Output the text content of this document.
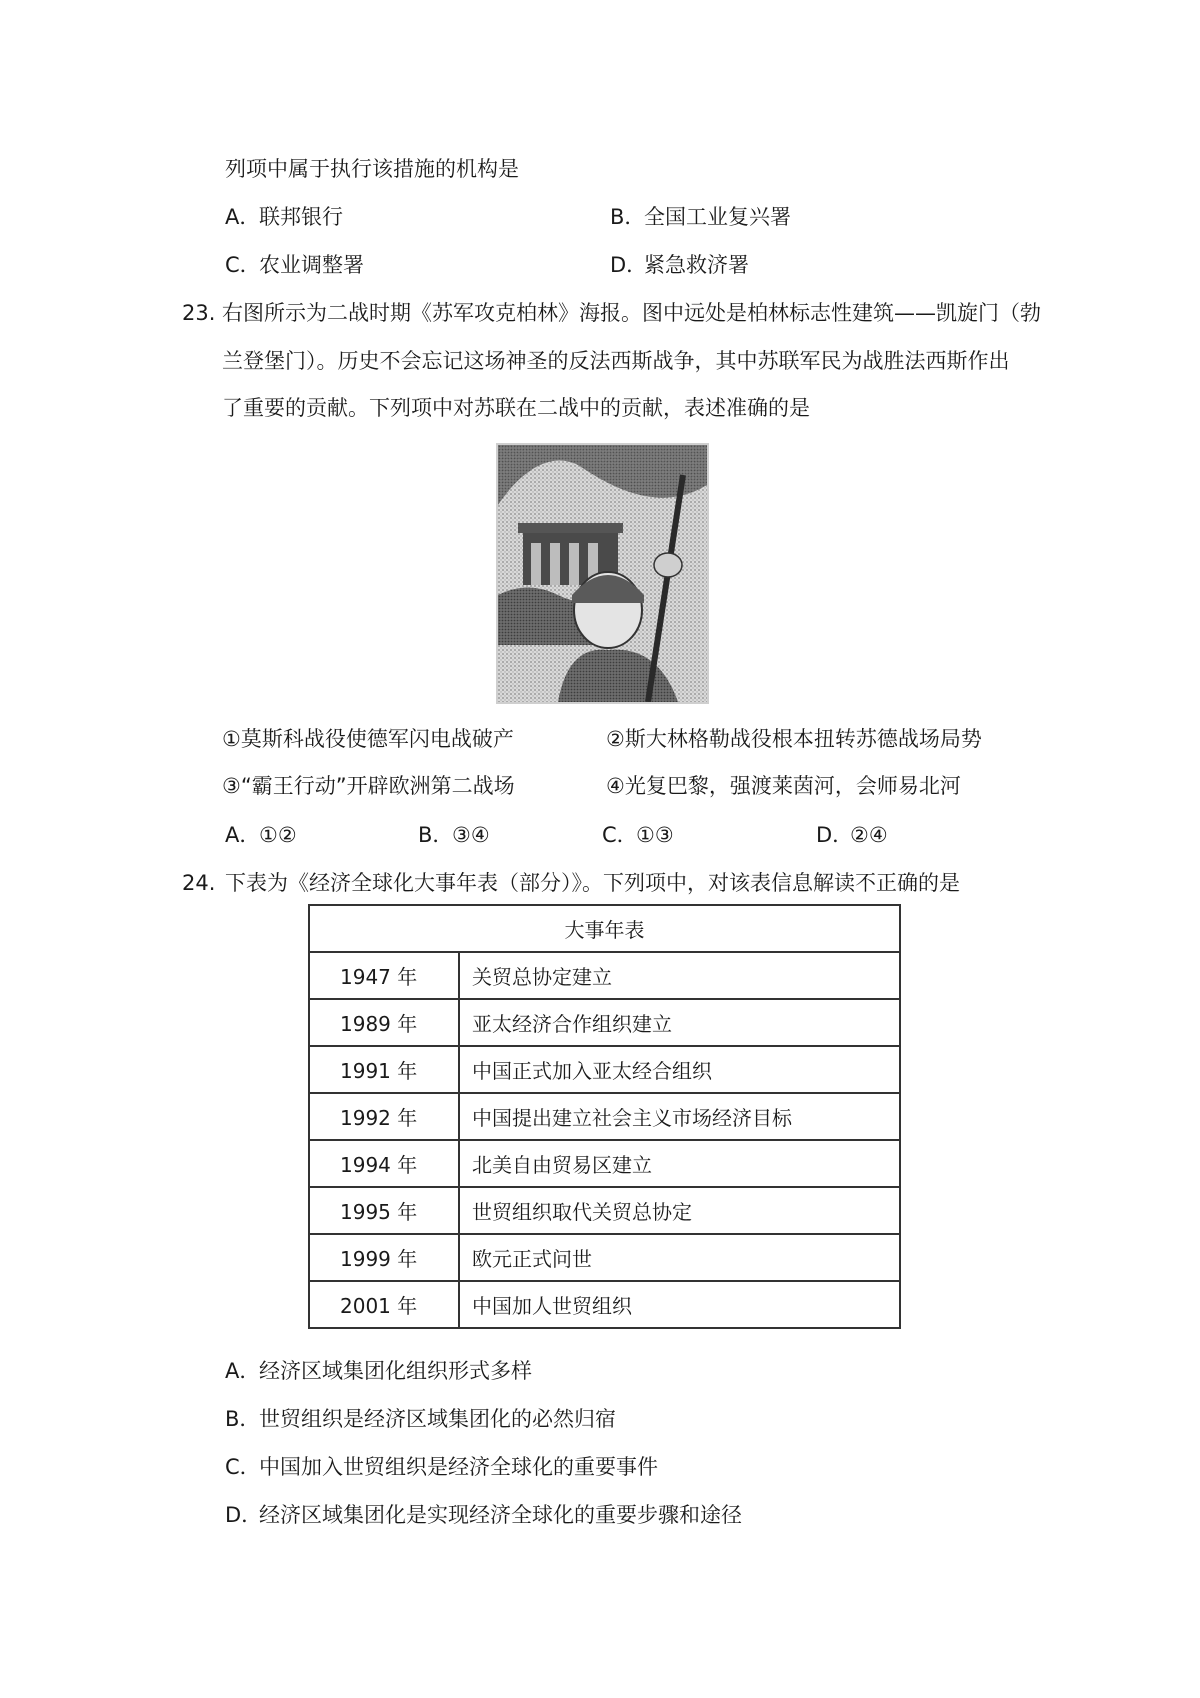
列项中属于执行该措施的机构是
A．联邦银行	B．全国工业复兴署
C．农业调整署	D．紧急救济署
23. 右图所示为二战时期《苏军攻克柏林》海报。图中远处是柏林标志性建筑——凯旋门（勃
兰登堡门）。历史不会忘记这场神圣的反法西斯战争，其中苏联军民为战胜法西斯作出
了重要的贡献。下列项中对苏联在二战中的贡献，表述准确的是
①莫斯科战役使德军闪电战破产	②斯大林格勒战役根本扭转苏德战场局势
③“霸王行动”开辟欧洲第二战场	④光复巴黎，强渡莱茵河，会师易北河
A．①②	B．③④	C．①③	D．②④
24. 下表为《经济全球化大事年表（部分）》。下列项中，对该表信息解读不正确的是
大事年表	
1947 年	关贸总协定建立
1989 年	亚太经济合作组织建立
1991 年	中国正式加入亚太经合组织
1992 年	中国提出建立社会主义市场经济目标
1994 年	北美自由贸易区建立
1995 年	世贸组织取代关贸总协定
1999 年	欧元正式问世
2001 年	中国加人世贸组织
A．经济区域集团化组织形式多样
B．世贸组织是经济区域集团化的必然归宿
C．中国加入世贸组织是经济全球化的重要事件
D．经济区域集团化是实现经济全球化的重要步骤和途径
